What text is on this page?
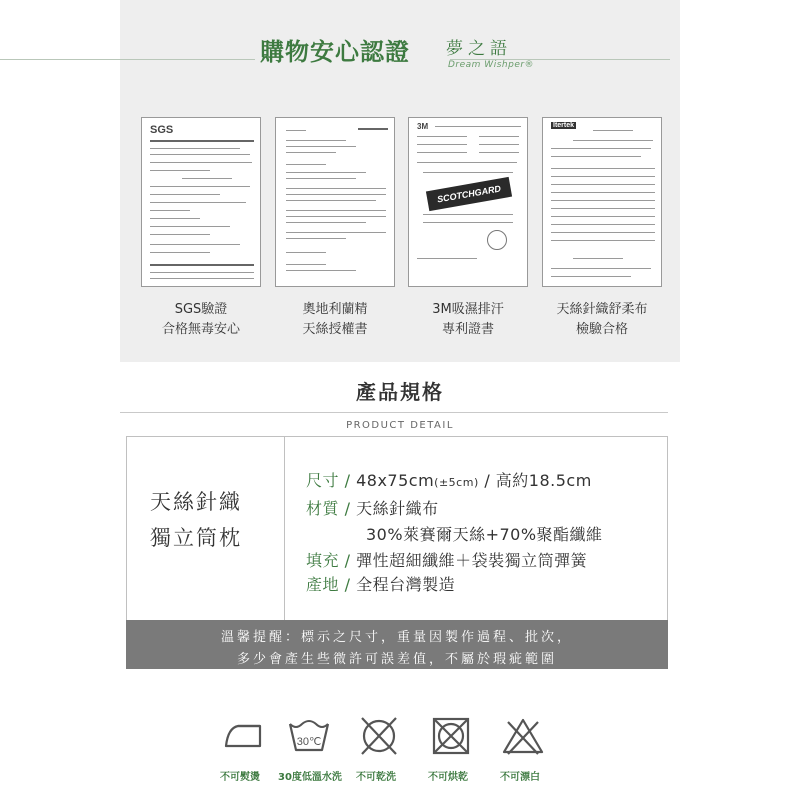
購物安心認證 夢之語
Dream Wishper®
SGS	3M
SCOTCHGARD
Itertek
SGS驗證
合格無毒安心
奧地利蘭精
天絲授權書
3M吸濕排汗
專利證書
天絲針織舒柔布
檢驗合格
產品規格
PRODUCT DETAIL
天絲針織
獨立筒枕
尺寸 / 48x75cm(±5cm) / 高約18.5cm
材質 / 天絲針織布
30%萊賽爾天絲+70%聚酯纖維
填充 / 彈性超細纖維＋袋裝獨立筒彈簧
產地 / 全程台灣製造
溫馨提醒：標示之尺寸，重量因製作過程、批次，
多少會產生些微許可誤差值，不屬於瑕疵範圍
30℃
不可熨燙 30度低溫水洗 不可乾洗	不可烘乾	不可漂白
